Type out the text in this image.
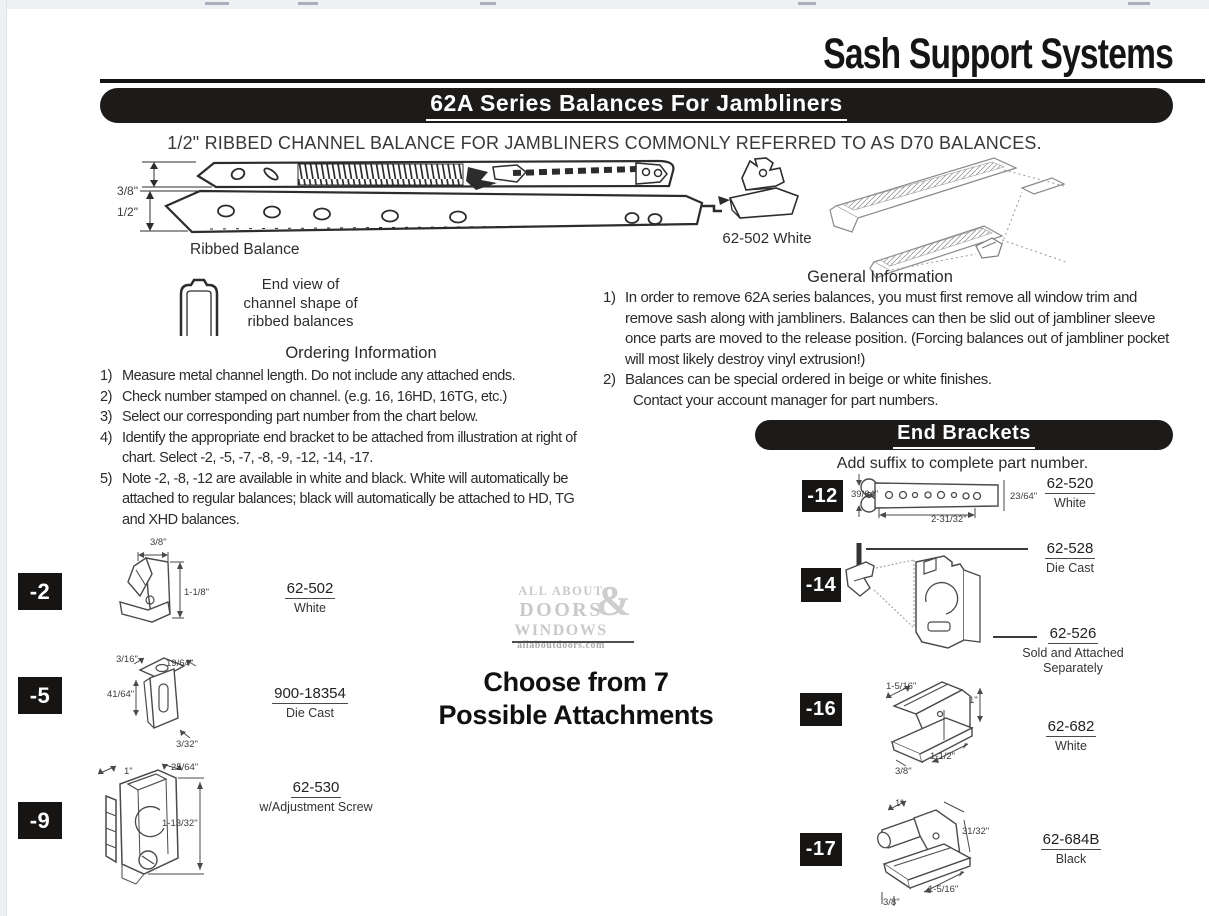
Sash Support Systems
62A Series Balances For Jambliners
1/2" RIBBED CHANNEL BALANCE FOR JAMBLINERS COMMONLY REFERRED TO AS D70 BALANCES.
3/8"
1/2"
Ribbed Balance
End view of
channel shape of
ribbed balances
Ordering Information
1) Measure metal channel length. Do not include any attached ends.
2) Check number stamped on channel. (e.g. 16, 16HD, 16TG, etc.)
3) Select our corresponding part number from the chart below.
4) Identify the appropriate end bracket to be attached from illustration at right of chart. Select -2, -5, -7, -8, -9, -12, -14, -17.
5) Note -2, -8, -12 are available in white and black. White will automatically be attached to regular balances; black will automatically be attached to HD, TG and XHD balances.
62-502 White
General Information
1) In order to remove 62A series balances, you must first remove all window trim and remove sash along with jambliners. Balances can then be slid out of jambliner sleeve once parts are moved to the release position. (Forcing balances out of jambliner pocket will most likely destroy vinyl extrusion!)
2) Balances can be special ordered in beige or white finishes.
Contact your account manager for part numbers.
End Brackets
Add suffix to complete part number.
-12	39/64"	23/64"
2-31/32"
62-520
White
-14
62-528
Die Cast
62-526
Sold and Attached
Separately
-16
1-5/16"
1"
1-1/2"
3/8"
62-682
White
-17
1"
31/32"
1-5/16"
3/8"
62-684B
Black
-2
3/8"
1-1/8"	62-502
White
-5
3/16"	19/64"
41/64"
3/32"
900-18354
Die Cast
-9
1"	25/64"
1-13/32"
62-530
w/Adjustment Screw
ALL ABOUT
DOORS
WINDOWS
allaboutdoors.com
&
Choose from 7
Possible Attachments
